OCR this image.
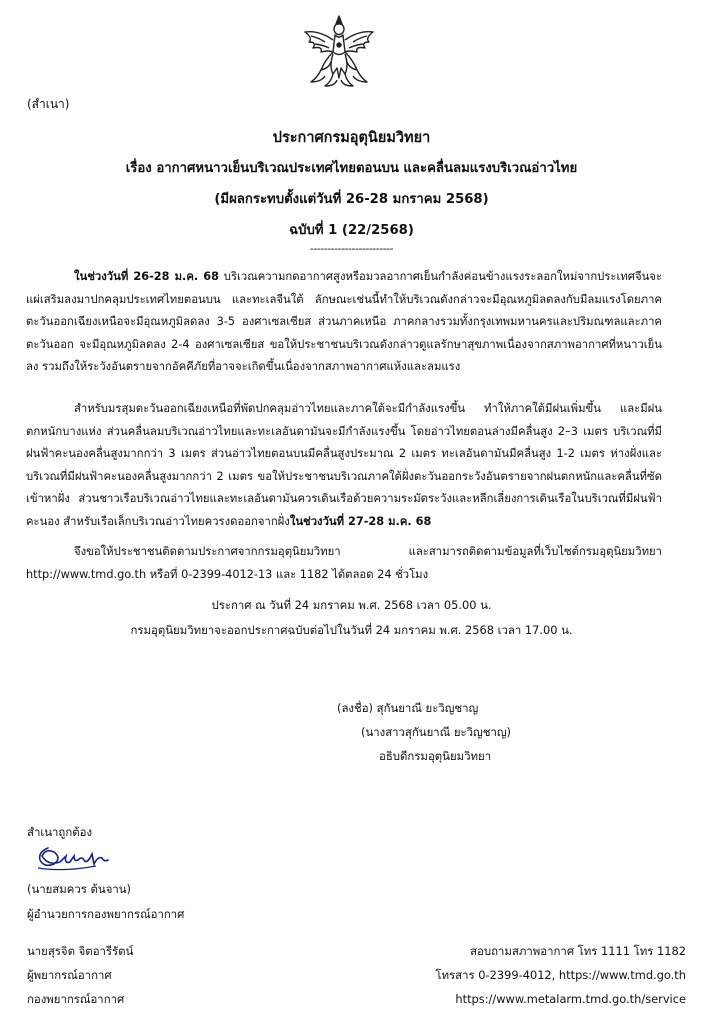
(สำเนา)
ประกาศกรมอุตุนิยมวิทยา
เรื่อง อากาศหนาวเย็นบริเวณประเทศไทยตอนบน และคลื่นลมแรงบริเวณอ่าวไทย
(มีผลกระทบตั้งแต่วันที่ 26-28 มกราคม 2568)
ฉบับที่ 1 (22/2568)
------------------------

ในช่วงวันที่ 26-28 ม.ค. 68 บริเวณความกดอากาศสูงหรือมวลอากาศเย็นกำลังค่อนข้างแรงระลอกใหม่จากประเทศจีนจะแผ่เสริมลงมาปกคลุมประเทศไทยตอนบน และทะเลจีนใต้ ลักษณะเช่นนี้ทำให้บริเวณดังกล่าวจะมีอุณหภูมิลดลงกับมีลมแรงโดยภาคตะวันออกเฉียงเหนือจะมีอุณหภูมิลดลง 3-5 องศาเซลเซียส ส่วนภาคเหนือ ภาคกลางรวมทั้งกรุงเทพมหานครและปริมณฑลและภาคตะวันออก จะมีอุณหภูมิลดลง 2-4 องศาเซลเซียส ขอให้ประชาชนบริเวณดังกล่าวดูแลรักษาสุขภาพเนื่องจากสภาพอากาศที่หนาวเย็นลง รวมถึงให้ระวังอันตรายจากอัคคีภัยที่อาจจะเกิดขึ้นเนื่องจากสภาพอากาศแห้งและลมแรง

สำหรับมรสุมตะวันออกเฉียงเหนือที่พัดปกคลุมอ่าวไทยและภาคใต้จะมีกำลังแรงขึ้น ทำให้ภาคใต้มีฝนเพิ่มขึ้น และมีฝนตกหนักบางแห่ง ส่วนคลื่นลมบริเวณอ่าวไทยและทะเลอันดามันจะมีกำลังแรงขึ้น โดยอ่าวไทยตอนล่างมีคลื่นสูง 2–3 เมตร บริเวณที่มีฝนฟ้าคะนองคลื่นสูงมากกว่า 3 เมตร ส่วนอ่าวไทยตอนบนมีคลื่นสูงประมาณ 2 เมตร ทะเลอันดามันมีคลื่นสูง 1-2 เมตร ห่างฝั่งและบริเวณที่มีฝนฟ้าคะนองคลื่นสูงมากกว่า 2 เมตร ขอให้ประชาชนบริเวณภาคใต้ฝั่งตะวันออกระวังอันตรายจากฝนตกหนักและคลื่นที่ซัดเข้าหาฝั่ง ส่วนชาวเรือบริเวณอ่าวไทยและทะเลอันดามันควรเดินเรือด้วยความระมัดระวังและหลีกเลี่ยงการเดินเรือในบริเวณที่มีฝนฟ้าคะนอง สำหรับเรือเล็กบริเวณอ่าวไทยควรงดออกจากฝั่งในช่วงวันที่ 27-28 ม.ค. 68

จึงขอให้ประชาชนติดตามประกาศจากกรมอุตุนิยมวิทยา และสามารถติดตามข้อมูลที่เว็บไซต์กรมอุตุนิยมวิทยา http://www.tmd.go.th หรือที่ 0-2399-4012-13 และ 1182 ได้ตลอด 24 ชั่วโมง

ประกาศ ณ วันที่ 24 มกราคม พ.ศ. 2568 เวลา 05.00 น.
กรมอุตุนิยมวิทยาจะออกประกาศฉบับต่อไปในวันที่ 24 มกราคม พ.ศ. 2568 เวลา 17.00 น.
(ลงชื่อ) สุกันยาณี ยะวิญชาญ
(นางสาวสุกันยาณี ยะวิญชาญ)
อธิบดีกรมอุตุนิยมวิทยา
สำเนาถูกต้อง
(นายสมควร ต้นจาน)
ผู้อำนวยการกองพยากรณ์อากาศ
นายสุรจิต จิตอารีรัตน์
ผู้พยากรณ์อากาศ
กองพยากรณ์อากาศ
สอบถามสภาพอากาศ โทร 1111 โทร 1182
โทรสาร 0-2399-4012, https://www.tmd.go.th
https://www.metalarm.tmd.go.th/service
